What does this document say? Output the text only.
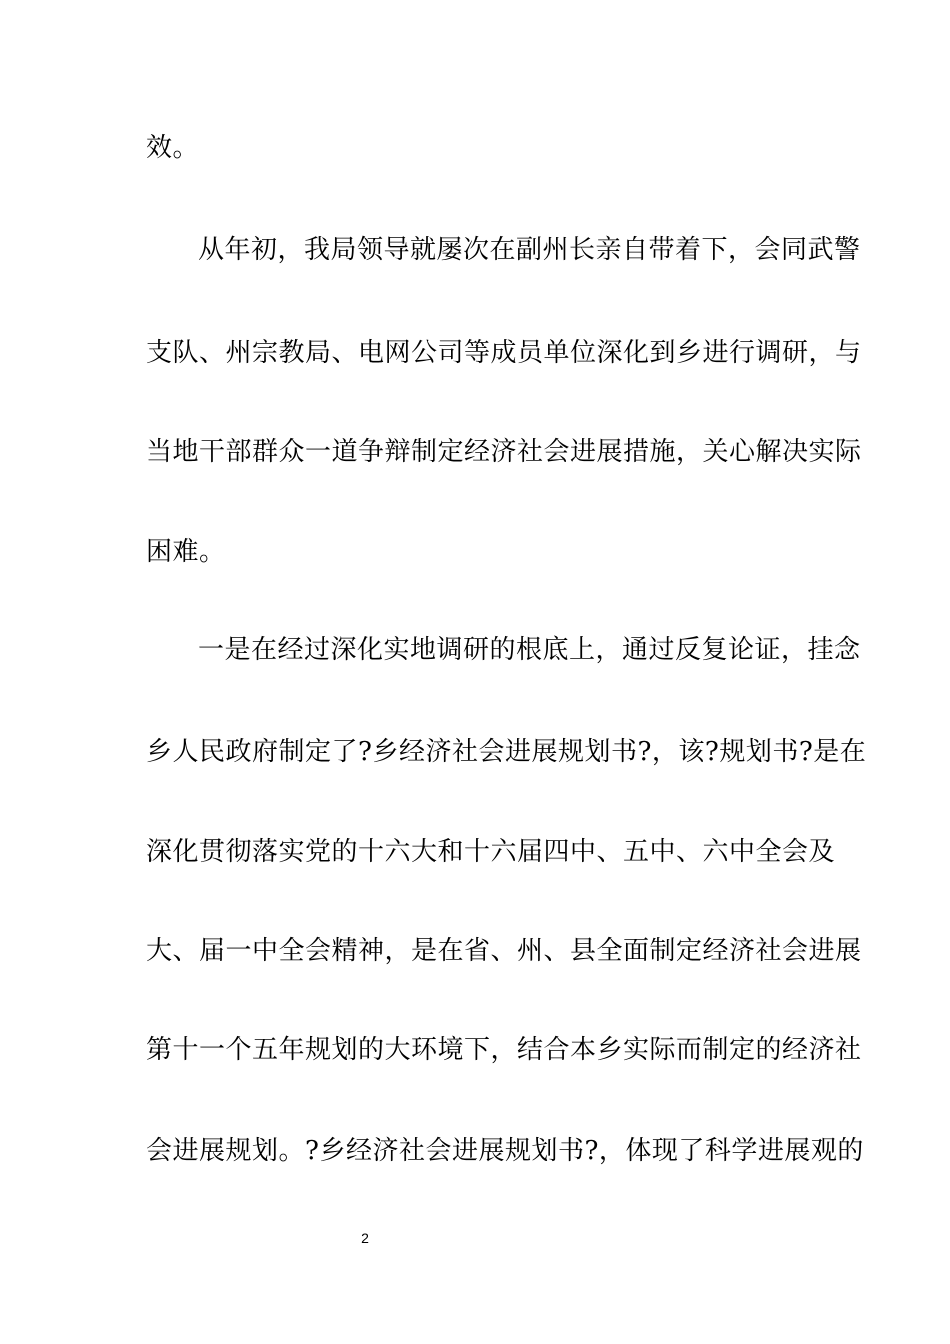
效。
从年初，我局领导就屡次在副州长亲自带着下，会同武警
支队、州宗教局、电网公司等成员单位深化到乡进行调研，与
当地干部群众一道争辩制定经济社会进展措施，关心解决实际
困难。
一是在经过深化实地调研的根底上，通过反复论证，挂念
乡人民政府制定了?乡经济社会进展规划书?，该?规划书?是在
深化贯彻落实党的十六大和十六届四中、五中、六中全会及
大、届一中全会精神，是在省、州、县全面制定经济社会进展
第十一个五年规划的大环境下，结合本乡实际而制定的经济社
会进展规划。?乡经济社会进展规划书?，体现了科学进展观的
2
